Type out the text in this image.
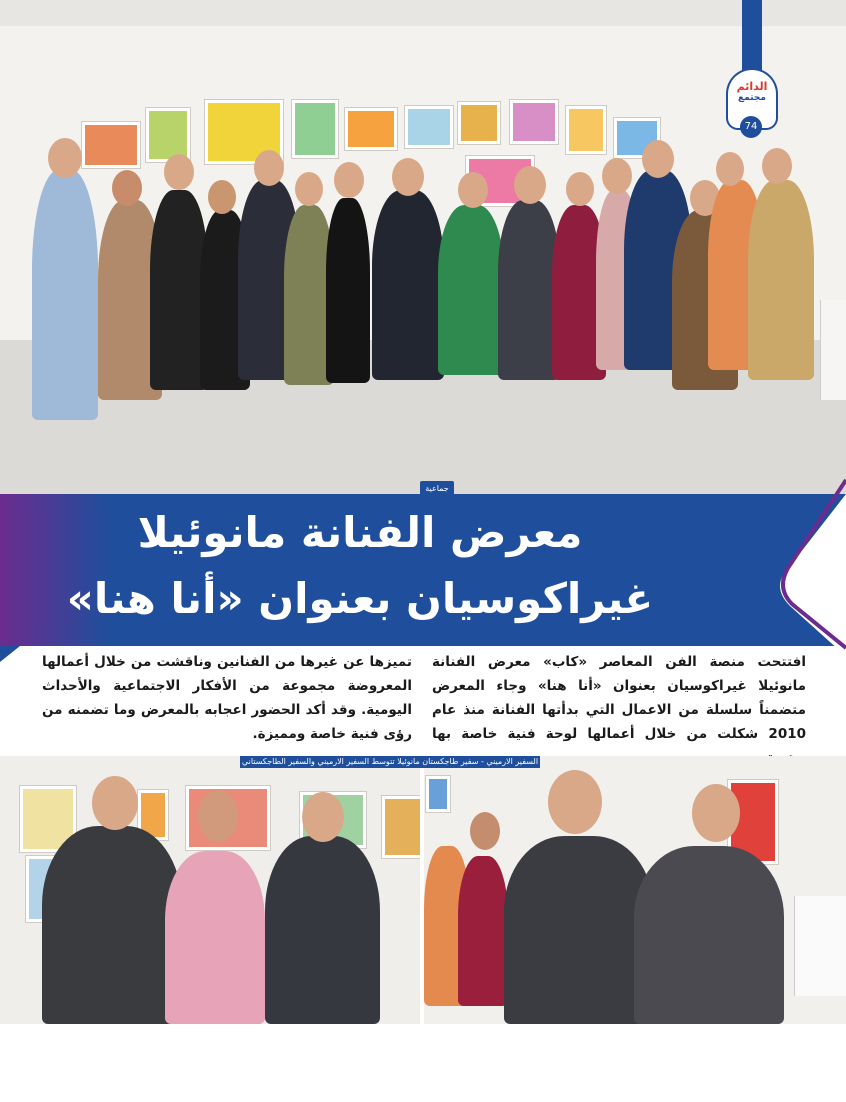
الدائم
مجتمع
74
جماعية
معرض الفنانة مانوئيلا
غيراكوسيان بعنوان «أنا هنا»
افتتحت منصة الفن المعاصر «كاب» معرض الفنانة مانوئيلا غيراكوسيان بعنوان «أنا هنا» وجاء المعرض متضمناً سلسلة من الاعمال التي بدأتها الفنانة منذ عام 2010 شكلت من خلال أعمالها لوحة فنية خاصة بها
تميزها عن غيرها من الفنانين وناقشت من خلال أعمالها المعروضة مجموعة من الأفكار الاجتماعية والأحداث اليومية. وقد أكد الحضور اعجابه بالمعرض وما تضمنه من رؤى فنية خاصة ومميزة.
السفير الارميني - سفير طاجكستان مانوئيلا تتوسط السفير الارميني والسفير الطاجكستاني
